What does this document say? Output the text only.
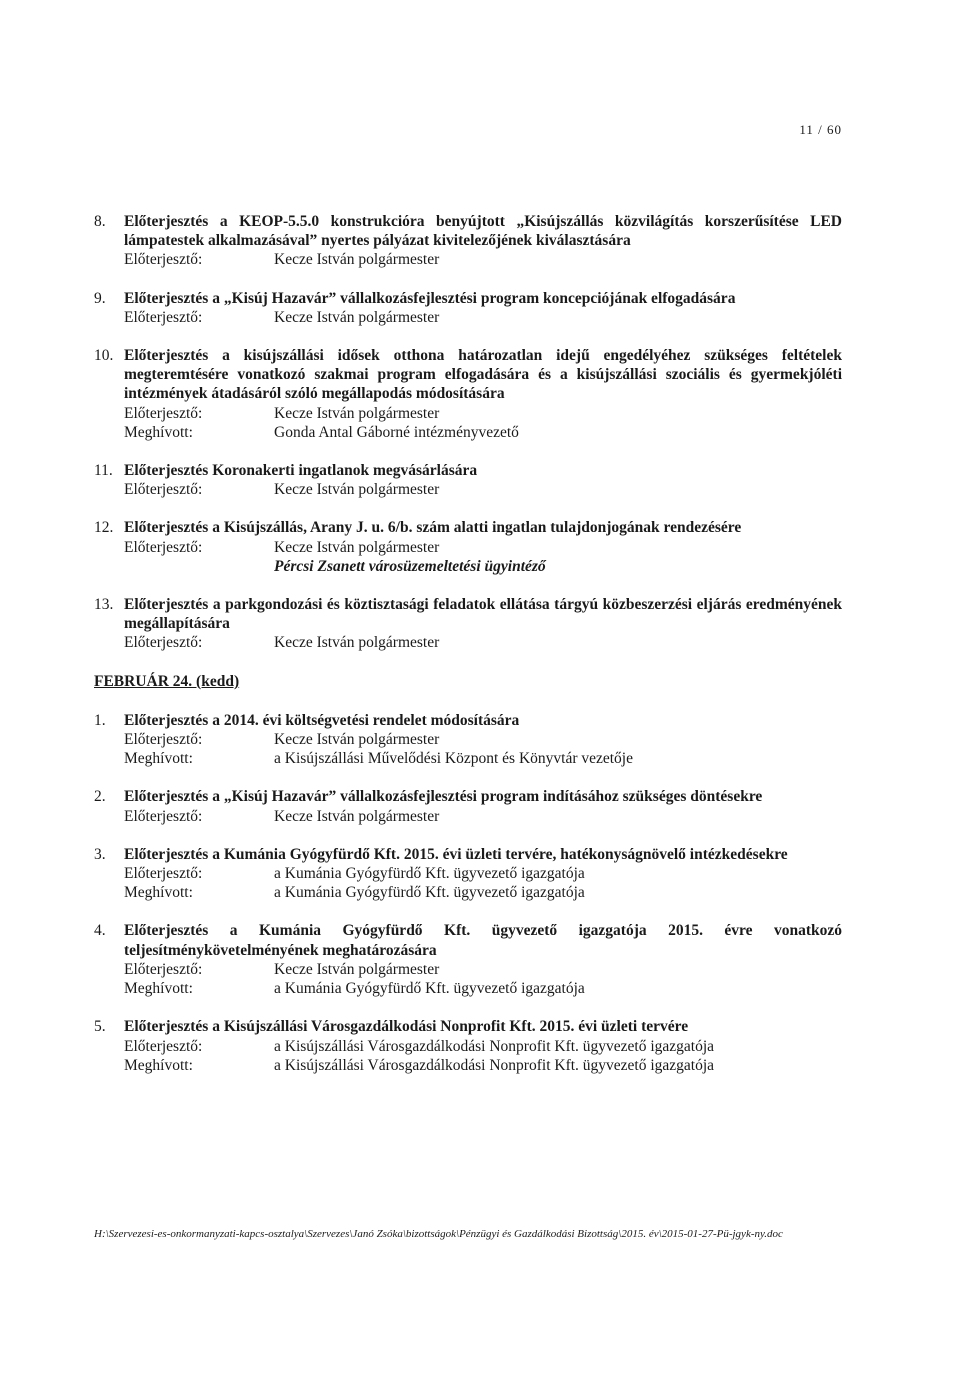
11 / 60
8. Előterjesztés a KEOP-5.5.0 konstrukcióra benyújtott „Kisújszállás közvilágítás korszerűsítése LED lámpatestek alkalmazásával” nyertes pályázat kivitelezőjének kiválasztására
Előterjesztő:	Kecze István polgármester
9. Előterjesztés a „Kisúj Hazavár” vállalkozásfejlesztési program koncepciójának elfogadására
Előterjesztő:	Kecze István polgármester
10. Előterjesztés a kisújszállási idősek otthona határozatlan idejű engedélyéhez szükséges feltételek megteremtésére vonatkozó szakmai program elfogadására és a kisújszállási szociális és gyermekjóléti intézmények átadásáról szóló megállapodás módosítására
Előterjesztő:	Kecze István polgármester
Meghívott:	Gonda Antal Gáborné intézményvezető
11. Előterjesztés Koronakerti ingatlanok megvásárlására
Előterjesztő:	Kecze István polgármester
12. Előterjesztés a Kisújszállás, Arany J. u. 6/b. szám alatti ingatlan tulajdonjogának rendezésére
Előterjesztő:	Kecze István polgármester
Pércsi Zsanett városüzemeltetési ügyintéző
13. Előterjesztés a parkgondozási és köztisztasági feladatok ellátása tárgyú közbeszerzési eljárás eredményének megállapítására
Előterjesztő:	Kecze István polgármester
FEBRUÁR 24. (kedd)
1. Előterjesztés a 2014. évi költségvetési rendelet módosítására
Előterjesztő:	Kecze István polgármester
Meghívott:	a Kisújszállási Művelődési Központ és Könyvtár vezetője
2. Előterjesztés a „Kisúj Hazavár” vállalkozásfejlesztési program indításához szükséges döntésekre
Előterjesztő:	Kecze István polgármester
3. Előterjesztés a Kumánia Gyógyfürdő Kft. 2015. évi üzleti tervére, hatékonyságnövelő intézkedésekre
Előterjesztő:	a Kumánia Gyógyfürdő Kft. ügyvezető igazgatója
Meghívott:	a Kumánia Gyógyfürdő Kft. ügyvezető igazgatója
4. Előterjesztés a Kumánia Gyógyfürdő Kft. ügyvezető igazgatója 2015. évre vonatkozó teljesítménykövetelményének meghatározására
Előterjesztő:	Kecze István polgármester
Meghívott:	a Kumánia Gyógyfürdő Kft. ügyvezető igazgatója
5. Előterjesztés a Kisújszállási Városgazdálkodási Nonprofit Kft. 2015. évi üzleti tervére
Előterjesztő:	a Kisújszállási Városgazdálkodási Nonprofit Kft. ügyvezető igazgatója
Meghívott:	a Kisújszállási Városgazdálkodási Nonprofit Kft. ügyvezető igazgatója
H:\Szervezesi-es-onkormanyzati-kapcs-osztalya\Szervezes\Janó Zsóka\bizottságok\Pénzügyi és Gazdálkodási Bizottság\2015. év\2015-01-27-Pü-jgyk-ny.doc
